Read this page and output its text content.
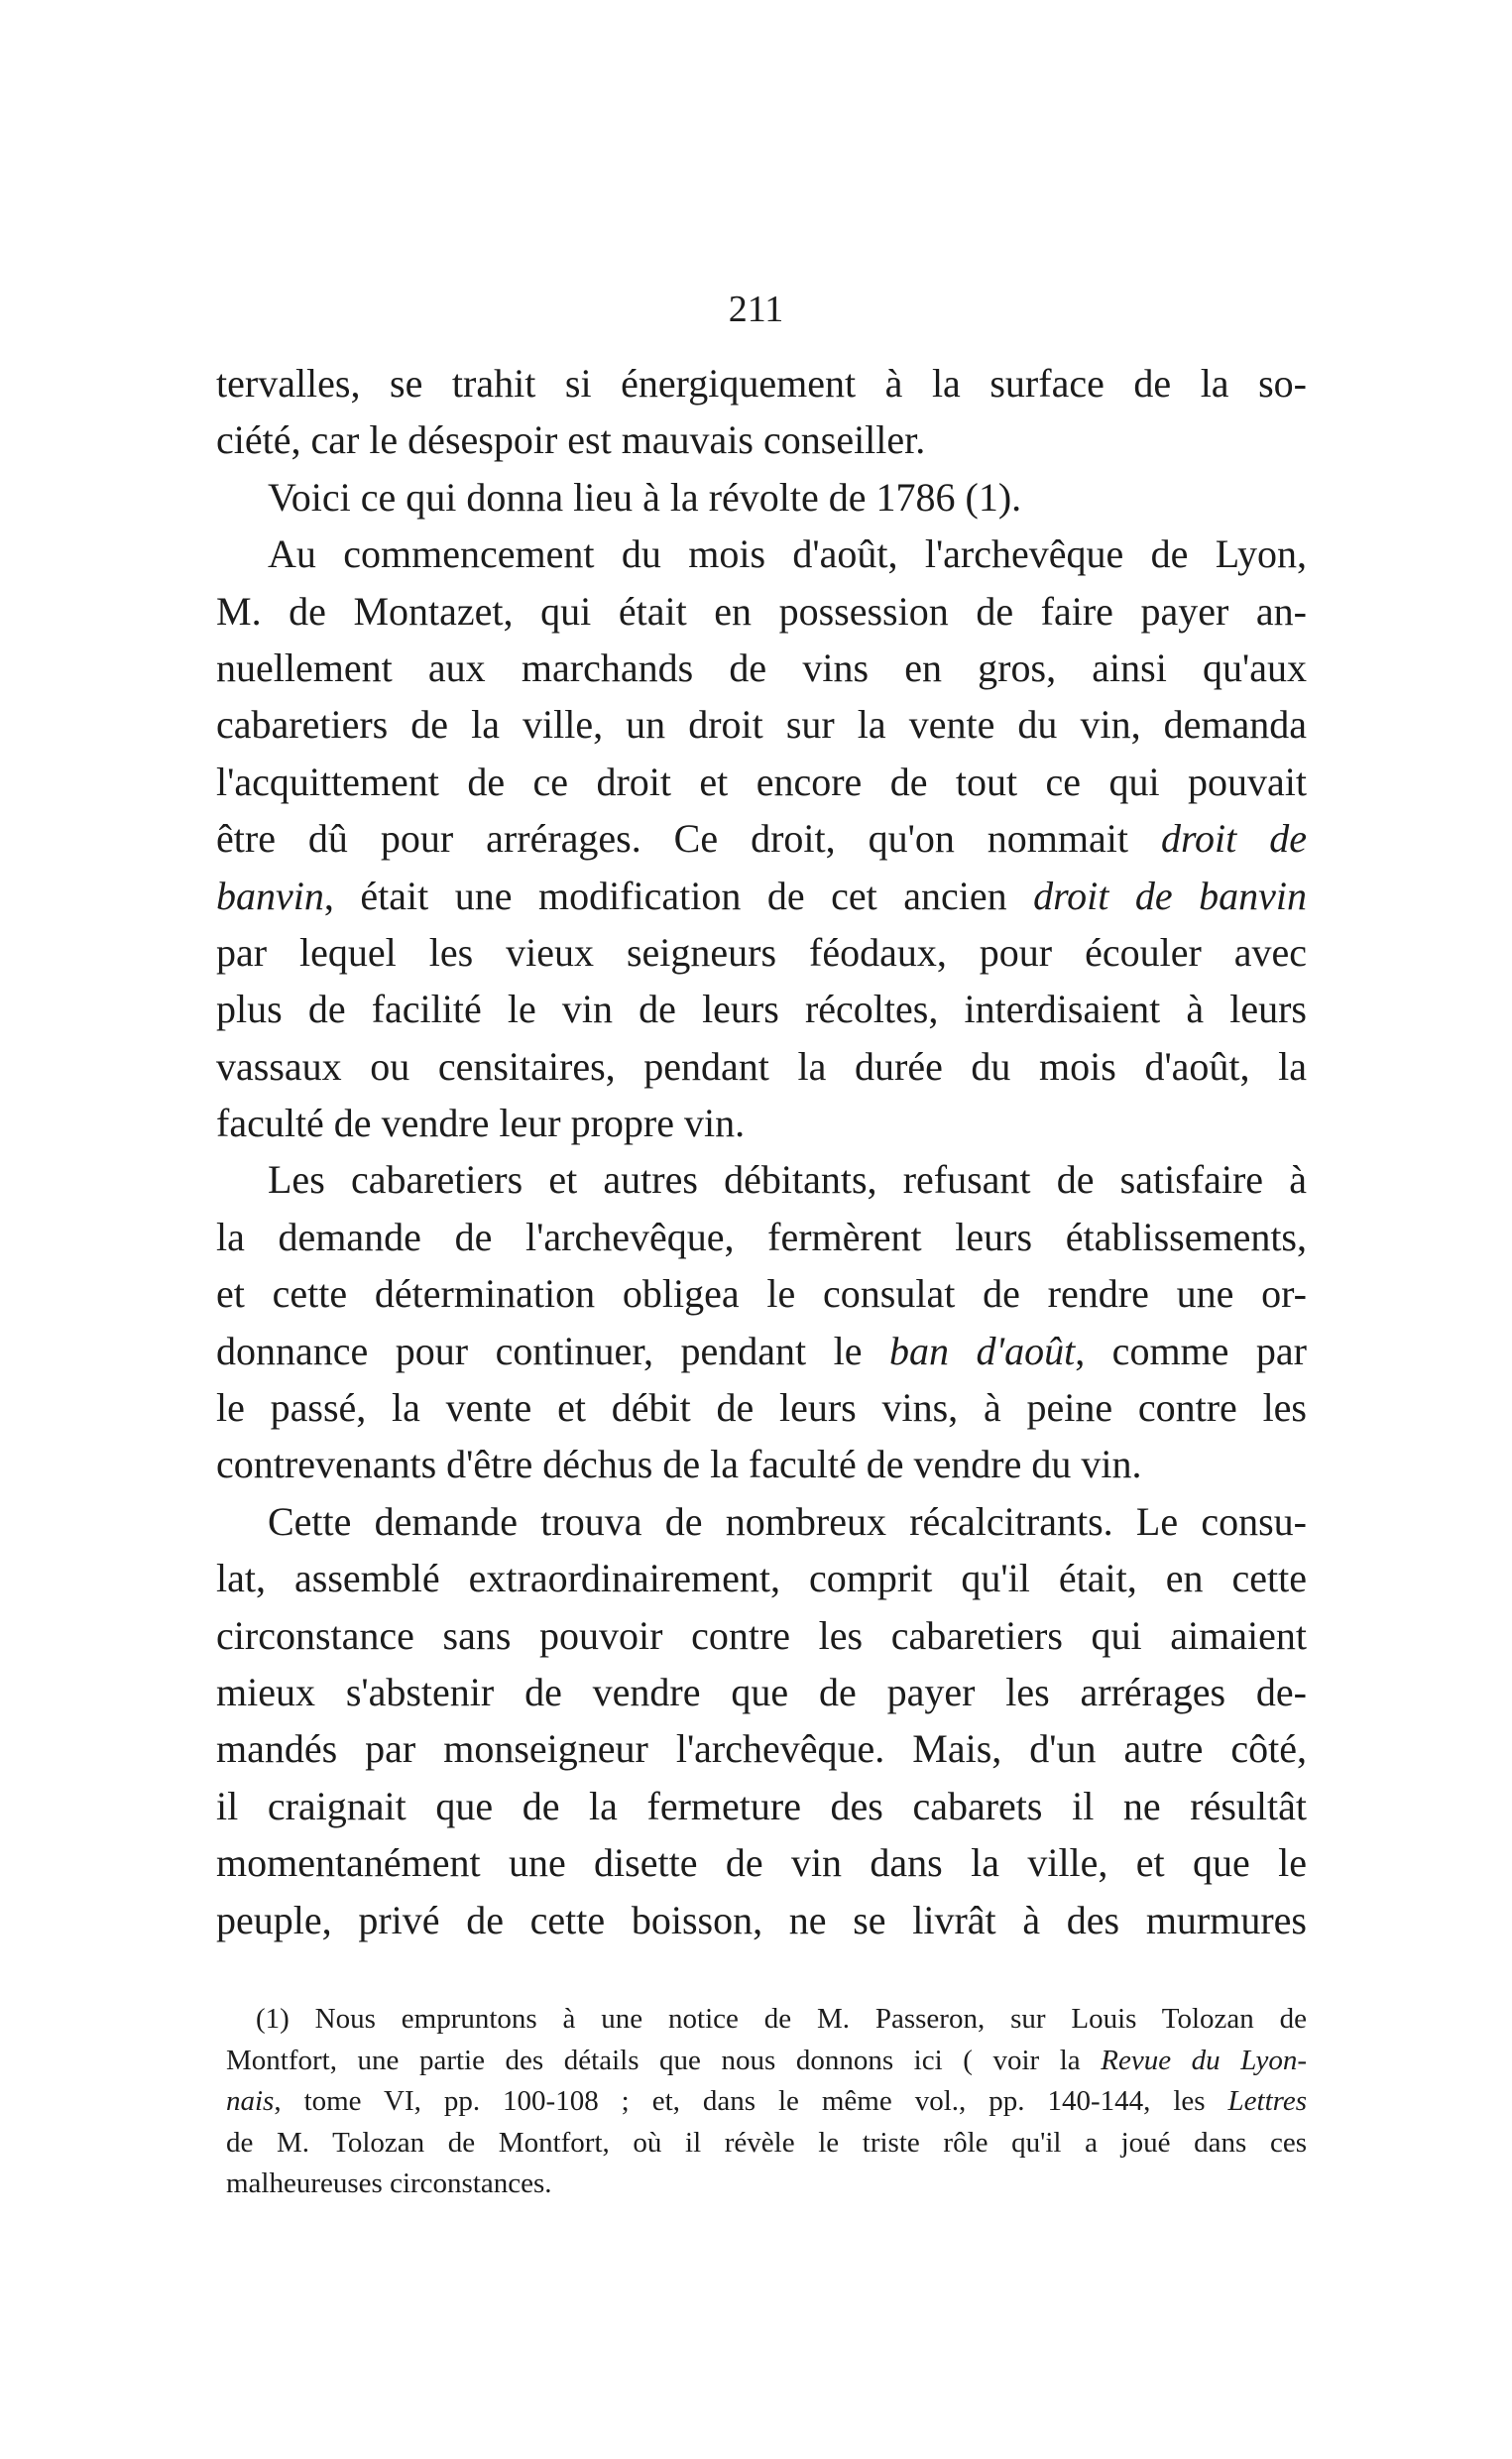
211
tervalles, se trahit si énergiquement à la surface de la so-
ciété, car le désespoir est mauvais conseiller.
Voici ce qui donna lieu à la révolte de 1786 (1).
Au commencement du mois d'août, l'archevêque de Lyon,
M. de Montazet, qui était en possession de faire payer an-
nuellement aux marchands de vins en gros, ainsi qu'aux
cabaretiers de la ville, un droit sur la vente du vin, demanda
l'acquittement de ce droit et encore de tout ce qui pouvait
être dû pour arrérages. Ce droit, qu'on nommait droit de
banvin, était une modification de cet ancien droit de banvin
par lequel les vieux seigneurs féodaux, pour écouler avec
plus de facilité le vin de leurs récoltes, interdisaient à leurs
vassaux ou censitaires, pendant la durée du mois d'août, la
faculté de vendre leur propre vin.
Les cabaretiers et autres débitants, refusant de satisfaire à
la demande de l'archevêque, fermèrent leurs établissements,
et cette détermination obligea le consulat de rendre une or-
donnance pour continuer, pendant le ban d'août, comme par
le passé, la vente et débit de leurs vins, à peine contre les
contrevenants d'être déchus de la faculté de vendre du vin.
Cette demande trouva de nombreux récalcitrants. Le consu-
lat, assemblé extraordinairement, comprit qu'il était, en cette
circonstance sans pouvoir contre les cabaretiers qui aimaient
mieux s'abstenir de vendre que de payer les arrérages de-
mandés par monseigneur l'archevêque. Mais, d'un autre côté,
il craignait que de la fermeture des cabarets il ne résultât
momentanément une disette de vin dans la ville, et que le
peuple, privé de cette boisson, ne se livrât à des murmures
(1) Nous empruntons à une notice de M. Passeron, sur Louis Tolozan de
Montfort, une partie des détails que nous donnons ici ( voir la Revue du Lyon-
nais, tome VI, pp. 100-108 ; et, dans le même vol., pp. 140-144, les Lettres
de M. Tolozan de Montfort, où il révèle le triste rôle qu'il a joué dans ces
malheureuses circonstances.
